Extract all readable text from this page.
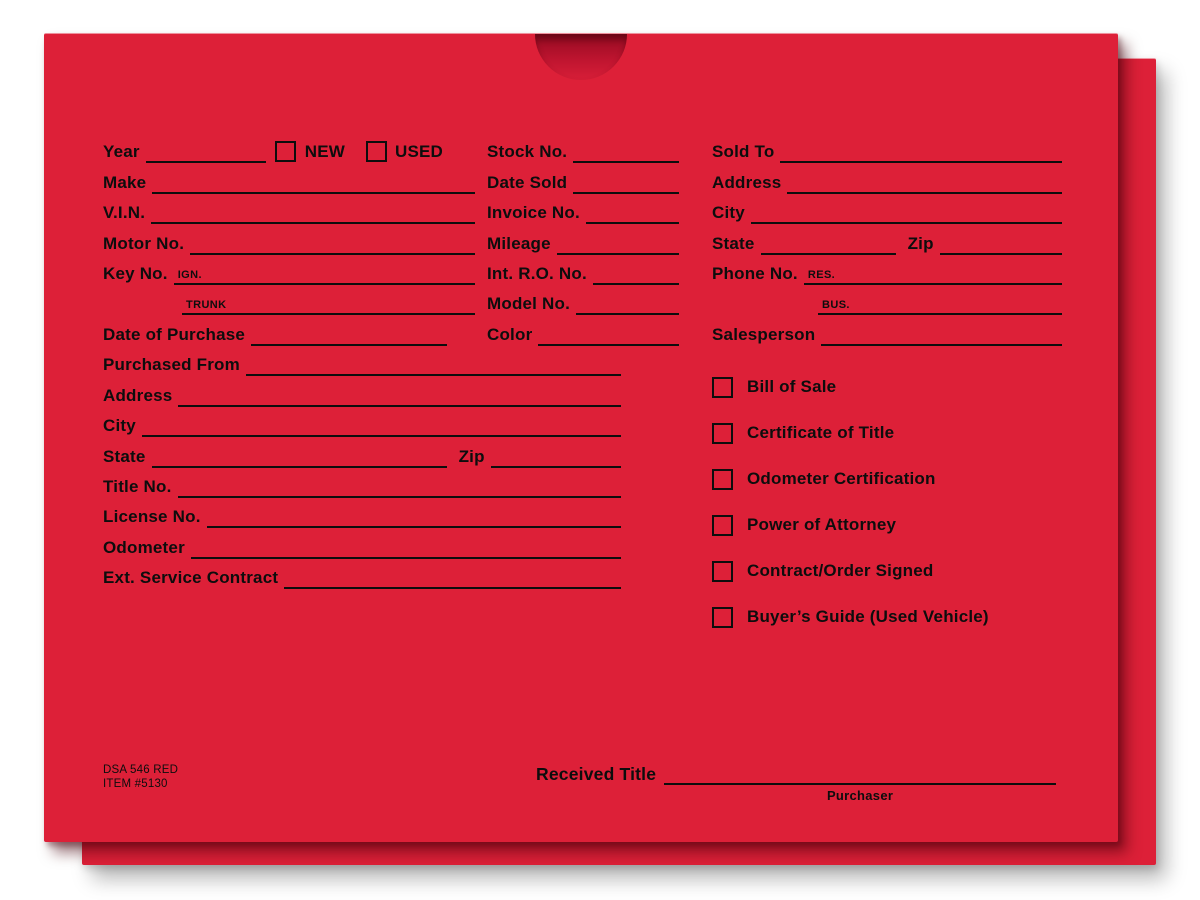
Year	NEW	USED
Make
V.I.N.
Motor No.
Key No. IGN.
TRUNK
Date of Purchase
Stock No.
Date Sold
Invoice No.
Mileage
Int. R.O. No.
Model No.
Color
Sold To
Address
City
State	Zip
Phone No. RES.
BUS.
Salesperson
Purchased From
Address
City
State	Zip
Title No.
License No.
Odometer
Ext. Service Contract
Bill of Sale
Certificate of Title
Odometer Certification
Power of Attorney
Contract/Order Signed
Buyer’s Guide (Used Vehicle)
DSA 546 RED
ITEM #5130	Received Title
Purchaser
